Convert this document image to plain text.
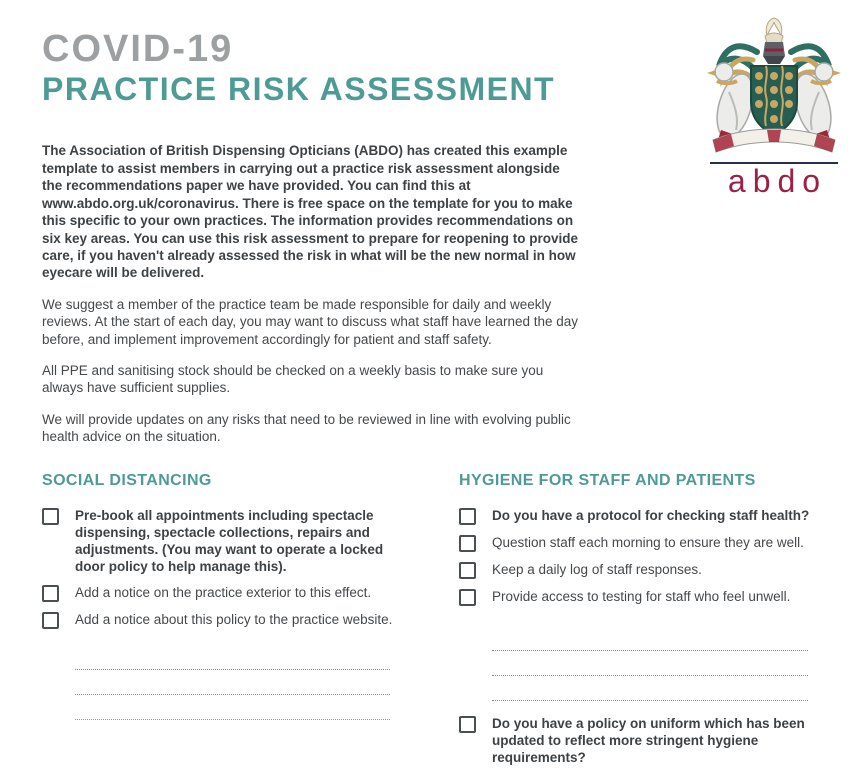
COVID-19
PRACTICE RISK ASSESSMENT
abdo

The Association of British Dispensing Opticians (ABDO) has created this example template to assist members in carrying out a practice risk assessment alongside the recommendations paper we have provided. You can find this at www.abdo.org.uk/coronavirus. There is free space on the template for you to make this specific to your own practices. The information provides recommendations on six key areas. You can use this risk assessment to prepare for reopening to provide care, if you haven't already assessed the risk in what will be the new normal in how eyecare will be delivered.

We suggest a member of the practice team be made responsible for daily and weekly reviews. At the start of each day, you may want to discuss what staff have learned the day before, and implement improvement accordingly for patient and staff safety.

All PPE and sanitising stock should be checked on a weekly basis to make sure you always have sufficient supplies.

We will provide updates on any risks that need to be reviewed in line with evolving public health advice on the situation.

SOCIAL DISTANCING
Pre-book all appointments including spectacle dispensing, spectacle collections, repairs and adjustments. (You may want to operate a locked door policy to help manage this).
Add a notice on the practice exterior to this effect.
Add a notice about this policy to the practice website.
HYGIENE FOR STAFF AND PATIENTS
Do you have a protocol for checking staff health?
Question staff each morning to ensure they are well.
Keep a daily log of staff responses.
Provide access to testing for staff who feel unwell.
Do you have a policy on uniform which has been updated to reflect more stringent hygiene requirements?
